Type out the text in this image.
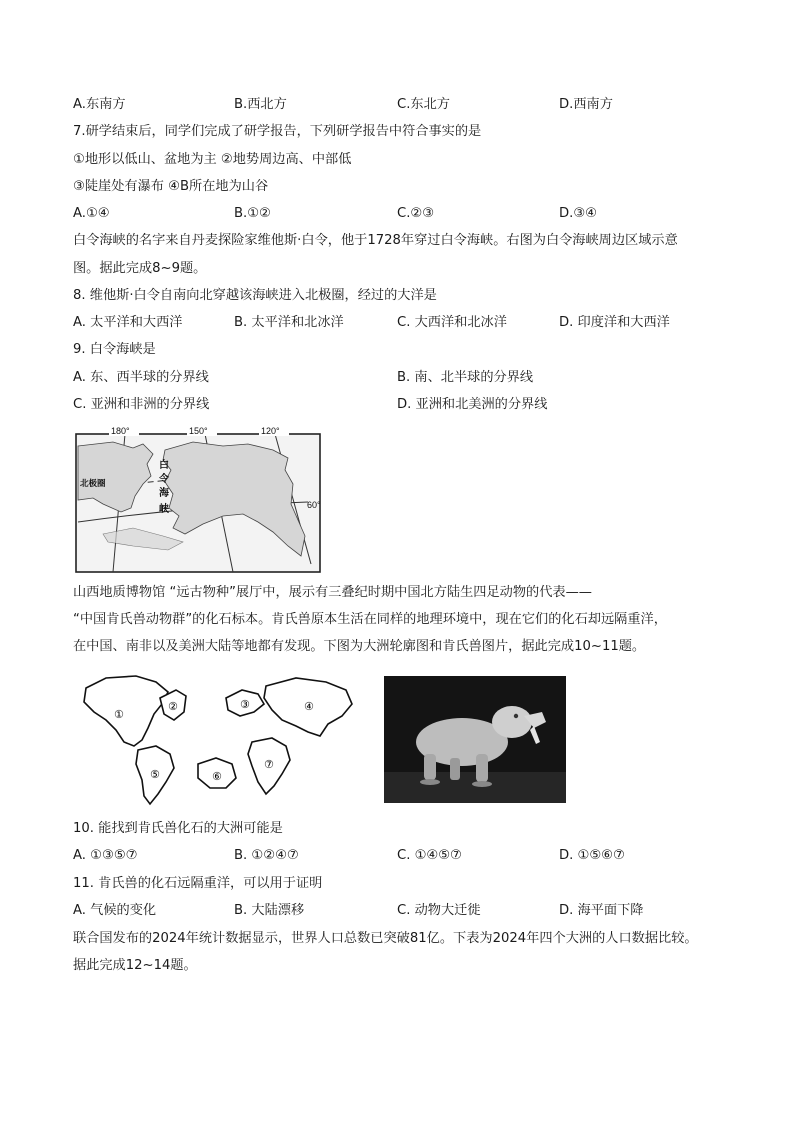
A.东南方	B.西北方	C.东北方	D.西南方
7.研学结束后，同学们完成了研学报告，下列研学报告中符合事实的是
①地形以低山、盆地为主 ②地势周边高、中部低
③陡崖处有瀑布 ④B所在地为山谷
A.①④	B.①②	C.②③	D.③④
白令海峡的名字来自丹麦探险家维他斯·白令，他于1728年穿过白令海峡。右图为白令海峡周边区域示意
图。据此完成8~9题。
8. 维他斯·白令自南向北穿越该海峡进入北极圈，经过的大洋是
A. 太平洋和大西洋	B. 太平洋和北冰洋	C. 大西洋和北冰洋	D. 印度洋和大西洋
9. 白令海峡是
A. 东、西半球的分界线	B. 南、北半球的分界线
C. 亚洲和非洲的分界线	D. 亚洲和北美洲的分界线
180°	150°	120°
60°
北极圈
白
令
海
峡
山西地质博物馆 “远古物种”展厅中，展示有三叠纪时期中国北方陆生四足动物的代表——
“中国肯氏兽动物群”的化石标本。肯氏兽原本生活在同样的地理环境中，现在它们的化石却远隔重洋，
在中国、南非以及美洲大陆等地都有发现。下图为大洲轮廓图和肯氏兽图片，据此完成10~11题。
①
②	③	④
⑤	⑥
⑦
10. 能找到肯氏兽化石的大洲可能是
A. ①③⑤⑦	B. ①②④⑦	C. ①④⑤⑦	D. ①⑤⑥⑦
11. 肯氏兽的化石远隔重洋，可以用于证明
A. 气候的变化	B. 大陆漂移	C. 动物大迁徙	D. 海平面下降
联合国发布的2024年统计数据显示，世界人口总数已突破81亿。下表为2024年四个大洲的人口数据比较。
据此完成12~14题。
